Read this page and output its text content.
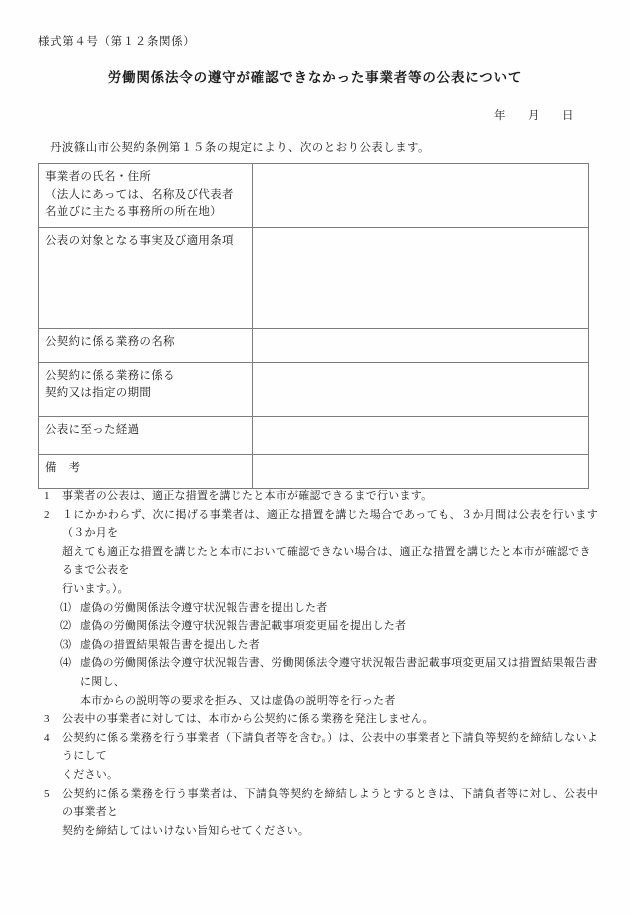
様式第４号（第１２条関係）
労働関係法令の遵守が確認できなかった事業者等の公表について
年 月 日
丹波篠山市公契約条例第１５条の規定により、次のとおり公表します。
事業者の氏名・住所
（法人にあっては、名称及び代表者
名並びに主たる事務所の所在地）	

公表の対象となる事実及び適用条項	

公契約に係る業務の名称	

公契約に係る業務に係る
契約又は指定の期間	

公表に至った経過	

備　考	

1	事業者の公表は、適正な措置を講じたと本市が確認できるまで行います。
2	１にかかわらず、次に掲げる事業者は、適正な措置を講じた場合であっても、３か月間は公表を行います（３か月を
超えても適正な措置を講じたと本市において確認できない場合は、適正な措置を講じたと本市が確認できるまで公表を
行います。）。
⑴ 虚偽の労働関係法令遵守状況報告書を提出した者
⑵ 虚偽の労働関係法令遵守状況報告書記載事項変更届を提出した者
⑶ 虚偽の措置結果報告書を提出した者
⑷ 虚偽の労働関係法令遵守状況報告書、労働関係法令遵守状況報告書記載事項変更届又は措置結果報告書に関し、
本市からの説明等の要求を拒み、又は虚偽の説明等を行った者
3	公表中の事業者に対しては、本市から公契約に係る業務を発注しません。
4	公契約に係る業務を行う事業者（下請負者等を含む。）は、公表中の事業者と下請負等契約を締結しないようにして
ください。
5	公契約に係る業務を行う事業者は、下請負等契約を締結しようとするときは、下請負者等に対し、公表中の事業者と
契約を締結してはいけない旨知らせてください。
